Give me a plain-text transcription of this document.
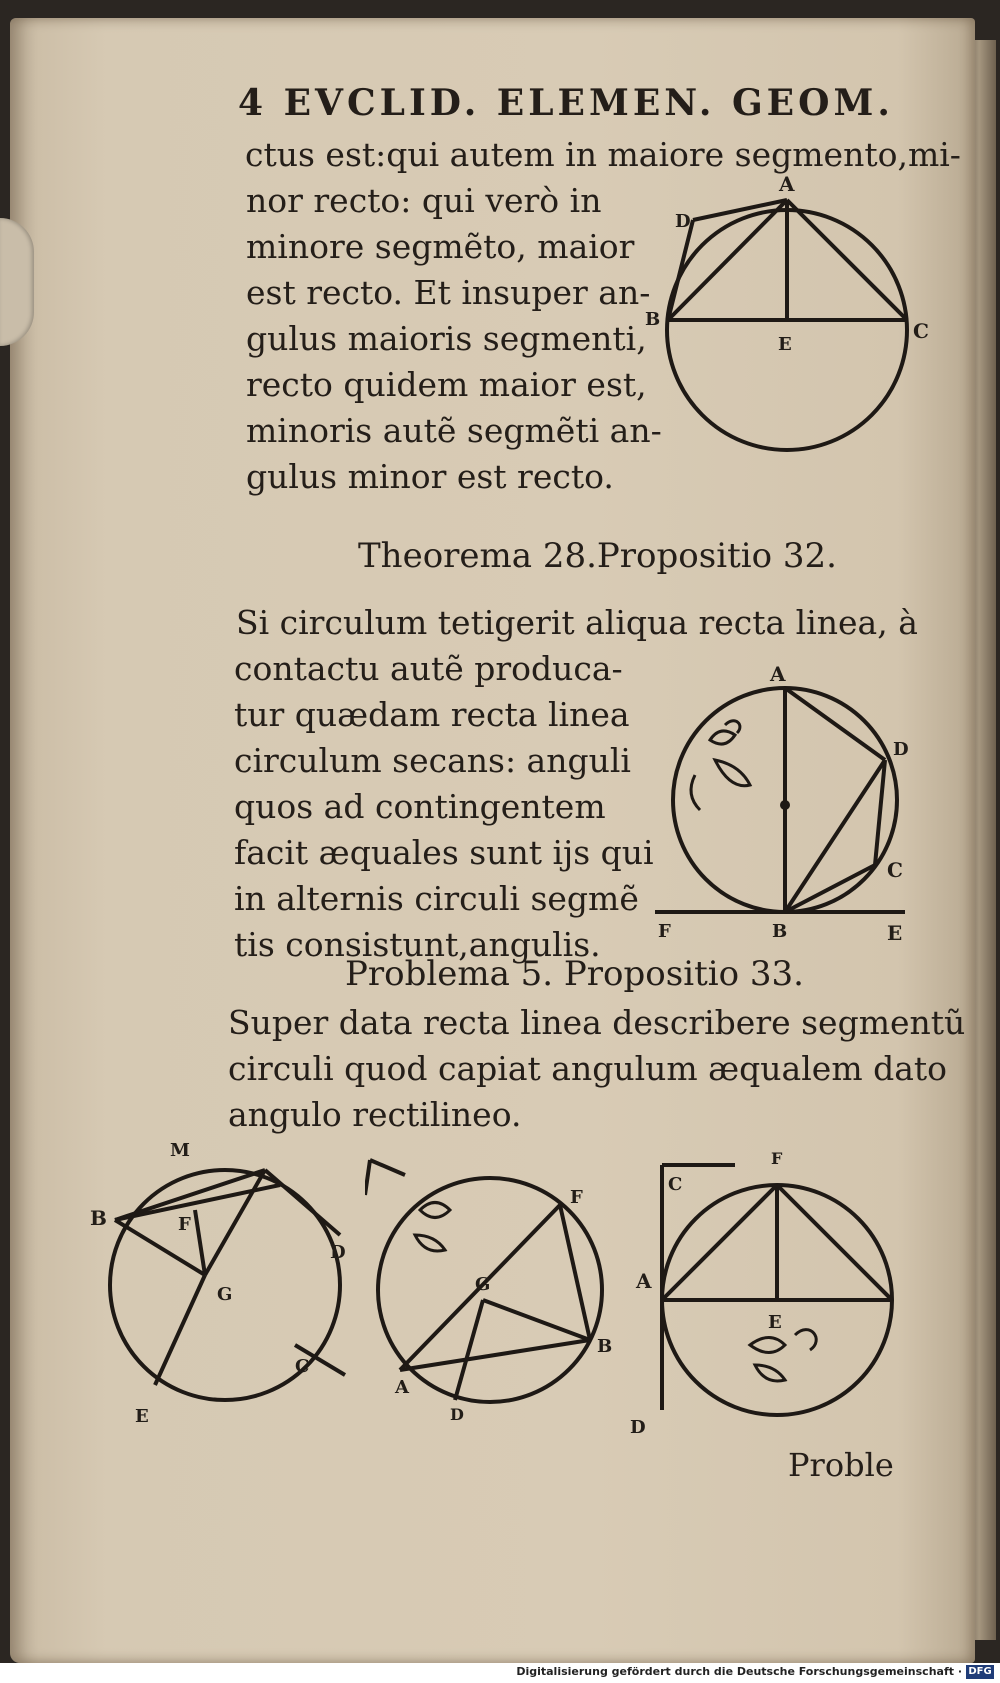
4 EVCLID. ELEMEN. GEOM.
ctus est:qui autem in maiore segmento,mi-
nor recto: qui verò in
minore segmẽto, maior
est recto. Et insuper an-
gulus maioris segmenti,
recto quidem maior est,
minoris autẽ segmẽti an-
gulus minor est recto.
A
D
B
E
C
Theorema 28.Propositio 32.
Si circulum tetigerit aliqua recta linea, à
contactu autẽ produca-
tur quædam recta linea
circulum secans: anguli
quos ad contingentem
facit æquales sunt ijs qui
in alternis circuli segmẽ
tis consistunt,angulis.
A
D
C
F	B	E
Problema 5. Propositio 33.
Super data recta linea describere segmentũ
circuli quod capiat angulum æqualem dato
angulo rectilineo.
M
B	F
G
D
C
E
F
G
B
A
D
C
F
A
E
D
Proble
Digitalisierung gefördert durch die Deutsche Forschungsgemeinschaft · DFG
